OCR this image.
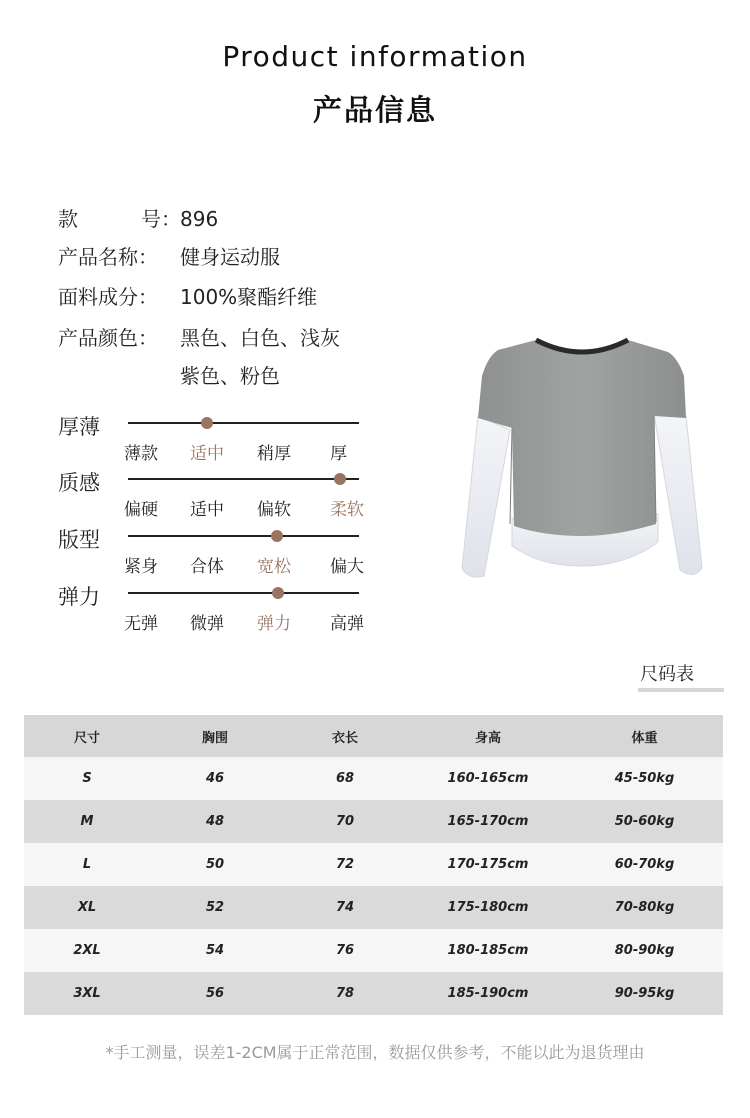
Product information
产品信息
款	号：896
产品名称： 健身运动服
面料成分： 100%聚酯纤维
产品颜色： 黑色、白色、浅灰
紫色、粉色
厚薄
薄款 适中 稍厚 厚
质感
偏硬 适中 偏软 柔软
版型
紧身 合体 宽松 偏大
弹力
无弹 微弹 弹力 高弹
尺码表
尺寸	胸围	衣长	身高	体重
S	46	68	160-165cm	45-50kg
M	48	70	165-170cm	50-60kg
L	50	72	170-175cm	60-70kg
XL	52	74	175-180cm	70-80kg
2XL	54	76	180-185cm	80-90kg
3XL	56	78	185-190cm	90-95kg
*手工测量，误差1-2CM属于正常范围，数据仅供参考，不能以此为退货理由
